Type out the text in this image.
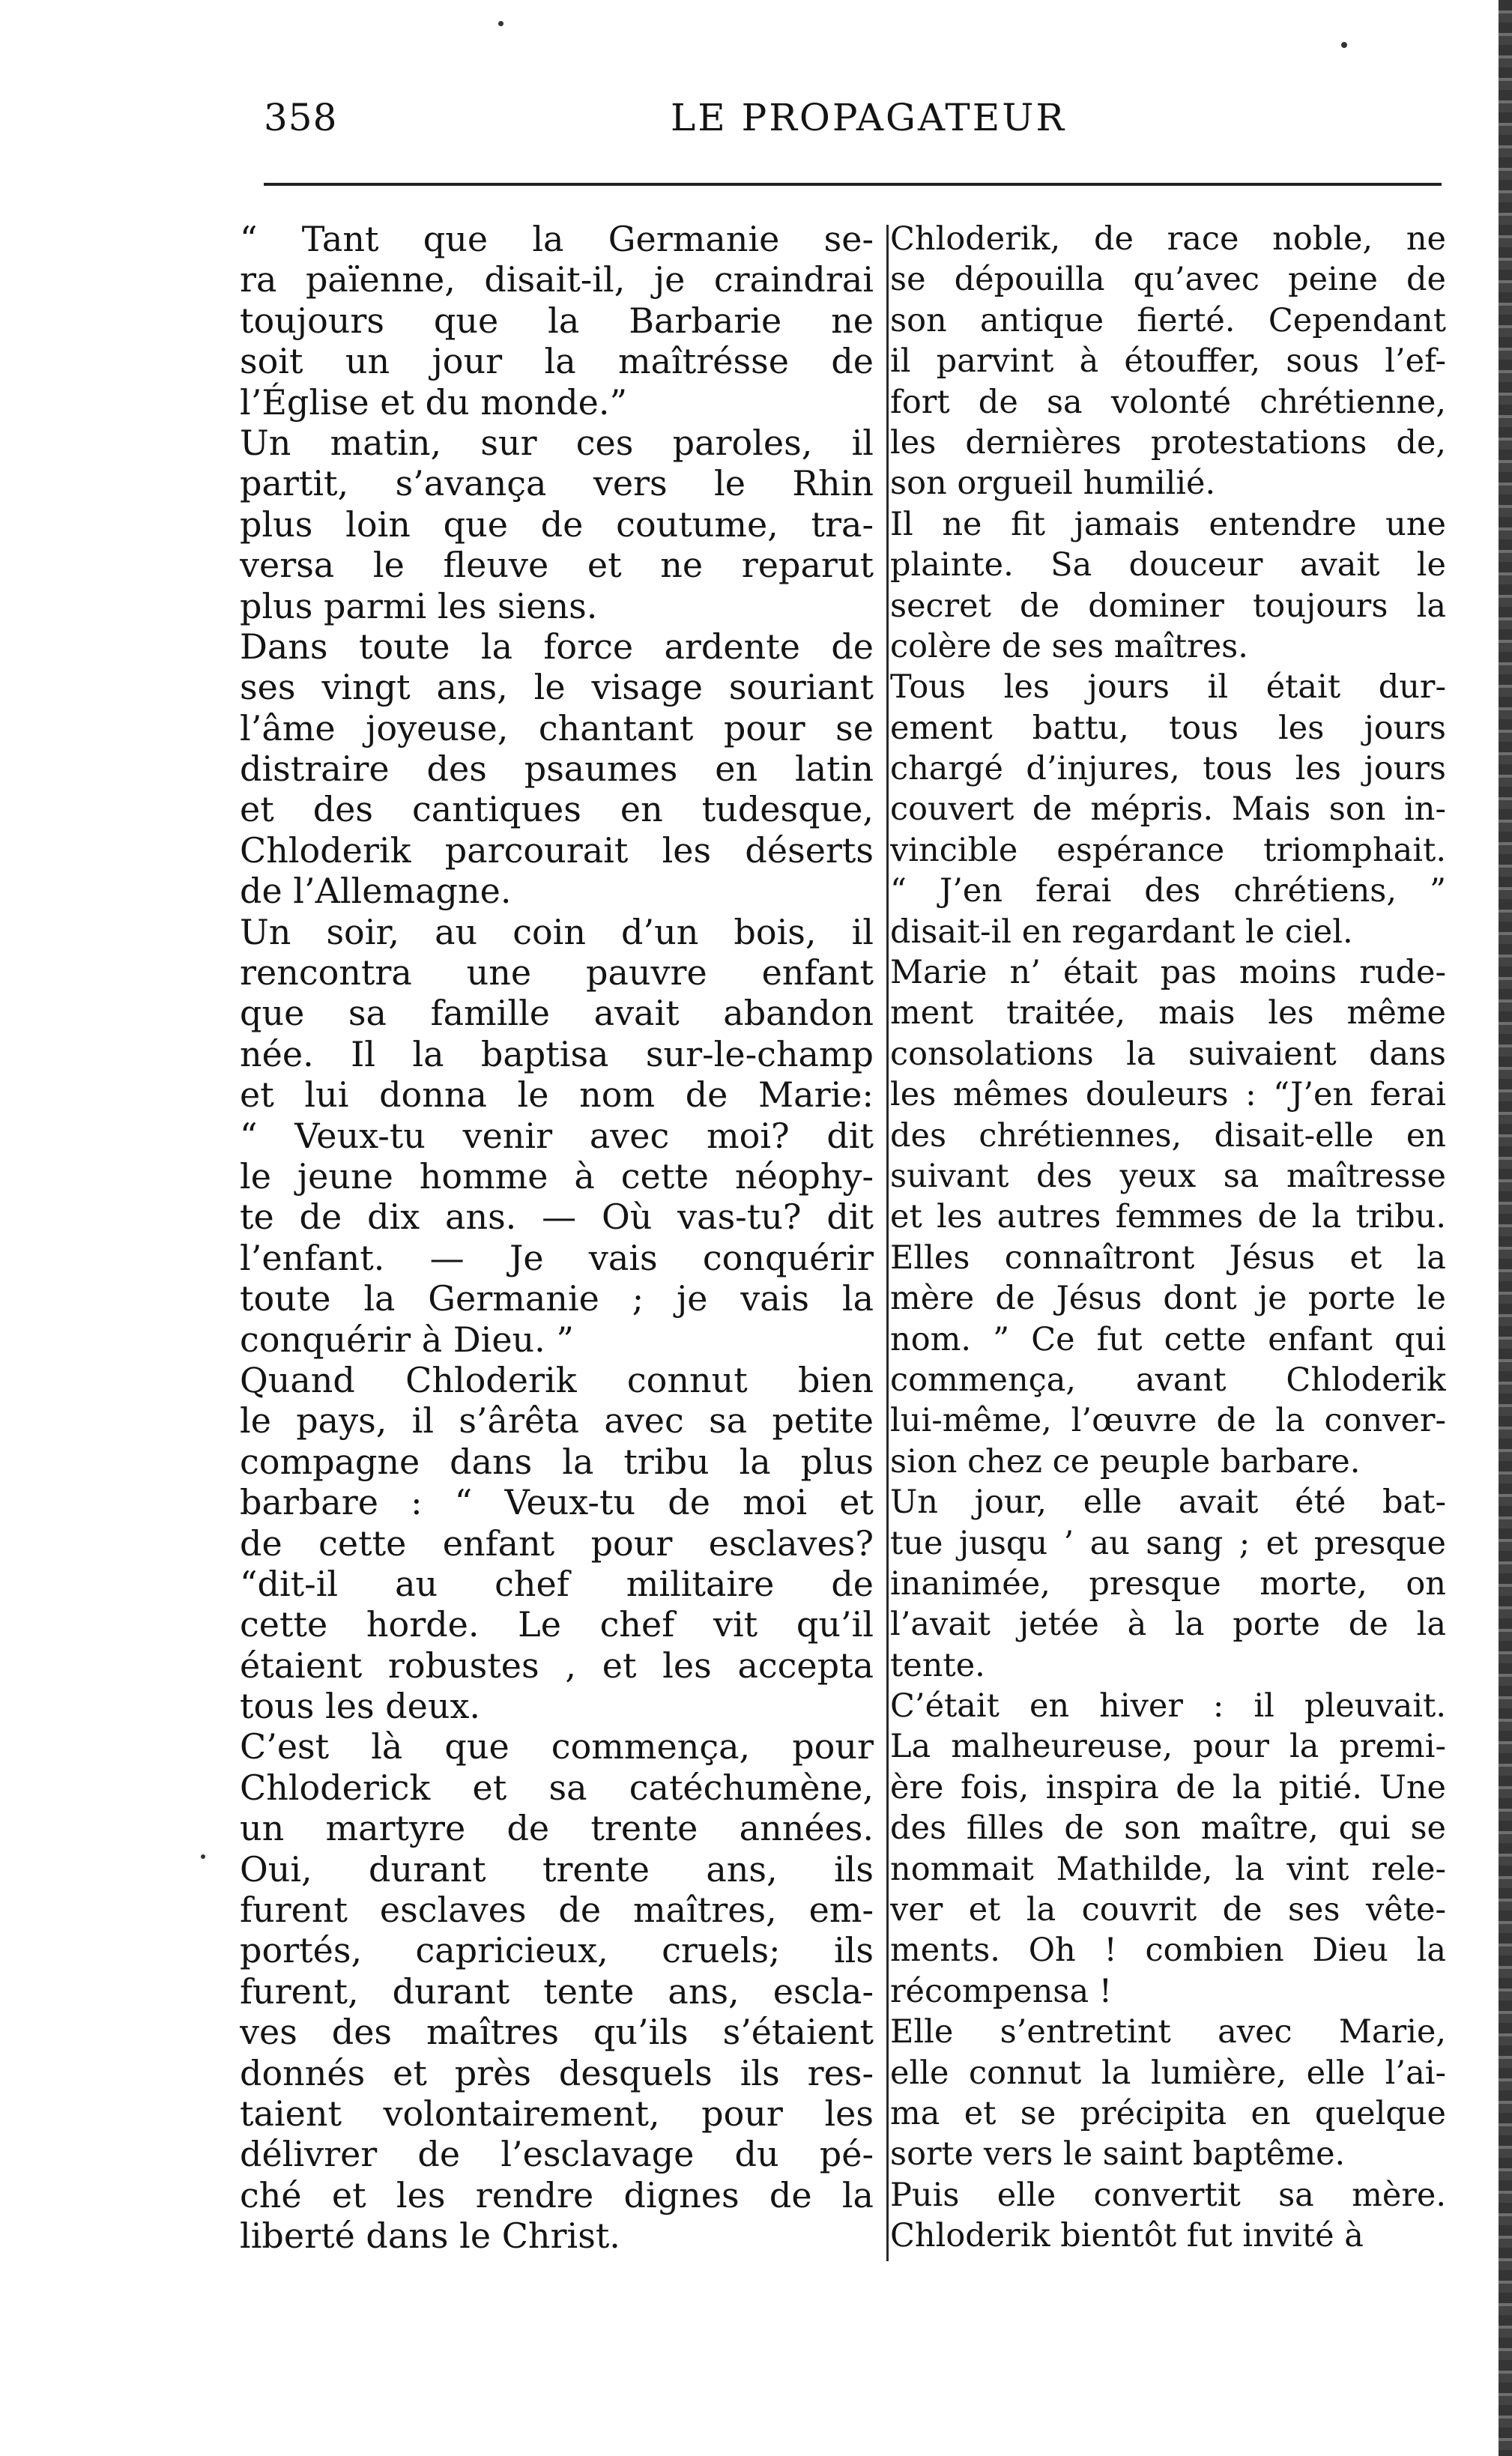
358	LE PROPAGATEUR
“ Tant que la Germanie se-
ra païenne, disait-il, je craindrai
toujours que la Barbarie ne
soit un jour la maîtrésse de
l’Église et du monde.”
Un matin, sur ces paroles, il
partit, s’avança vers le Rhin
plus loin que de coutume, tra-
versa le fleuve et ne reparut
plus parmi les siens.
Dans toute la force ardente de
ses vingt ans, le visage souriant
l’âme joyeuse, chantant pour se
distraire des psaumes en latin
et des cantiques en tudesque,
Chloderik parcourait les déserts
de l’Allemagne.
Un soir, au coin d’un bois, il
rencontra une pauvre enfant
que sa famille avait abandon
née. Il la baptisa sur-le-champ
et lui donna le nom de Marie:
“ Veux-tu venir avec moi? dit
le jeune homme à cette néophy-
te de dix ans. — Où vas-tu? dit
l’enfant. — Je vais conquérir
toute la Germanie ; je vais la
conquérir à Dieu. ”
Quand Chloderik connut bien
le pays, il s’ârêta avec sa petite
compagne dans la tribu la plus
barbare : “ Veux-tu de moi et
de cette enfant pour esclaves?
“dit-il au chef militaire de
cette horde. Le chef vit qu’il
étaient robustes , et les accepta
tous les deux.
C’est là que commença, pour
Chloderick et sa catéchumène,
un martyre de trente années.
Oui, durant trente ans, ils
furent esclaves de maîtres, em-
portés, capricieux, cruels; ils
furent, durant tente ans, escla-
ves des maîtres qu’ils s’étaient
donnés et près desquels ils res-
taient volontairement, pour les
délivrer de l’esclavage du pé-
ché et les rendre dignes de la
liberté dans le Christ.
Chloderik, de race noble, ne
se dépouilla qu’avec peine de
son antique fierté. Cependant
il parvint à étouffer, sous l’ef-
fort de sa volonté chrétienne,
les dernières protestations de,
son orgueil humilié.
Il ne fit jamais entendre une
plainte. Sa douceur avait le
secret de dominer toujours la
colère de ses maîtres.
Tous les jours il était dur-
ement battu, tous les jours
chargé d’injures, tous les jours
couvert de mépris. Mais son in-
vincible espérance triomphait.
“ J’en ferai des chrétiens, ”
disait-il en regardant le ciel.
Marie n’ était pas moins rude-
ment traitée, mais les même
consolations la suivaient dans
les mêmes douleurs : “J’en ferai
des chrétiennes, disait-elle en
suivant des yeux sa maîtresse
et les autres femmes de la tribu.
Elles connaîtront Jésus et la
mère de Jésus dont je porte le
nom. ” Ce fut cette enfant qui
commença, avant Chloderik
lui-même, l’œuvre de la conver-
sion chez ce peuple barbare.
Un jour, elle avait été bat-
tue jusqu ’ au sang ; et presque
inanimée, presque morte, on
l’avait jetée à la porte de la
tente.
C’était en hiver : il pleuvait.
La malheureuse, pour la premi-
ère fois, inspira de la pitié. Une
des filles de son maître, qui se
nommait Mathilde, la vint rele-
ver et la couvrit de ses vête-
ments. Oh ! combien Dieu la
récompensa !
Elle s’entretint avec Marie,
elle connut la lumière, elle l’ai-
ma et se précipita en quelque
sorte vers le saint baptême.
Puis elle convertit sa mère.
Chloderik bientôt fut invité à
